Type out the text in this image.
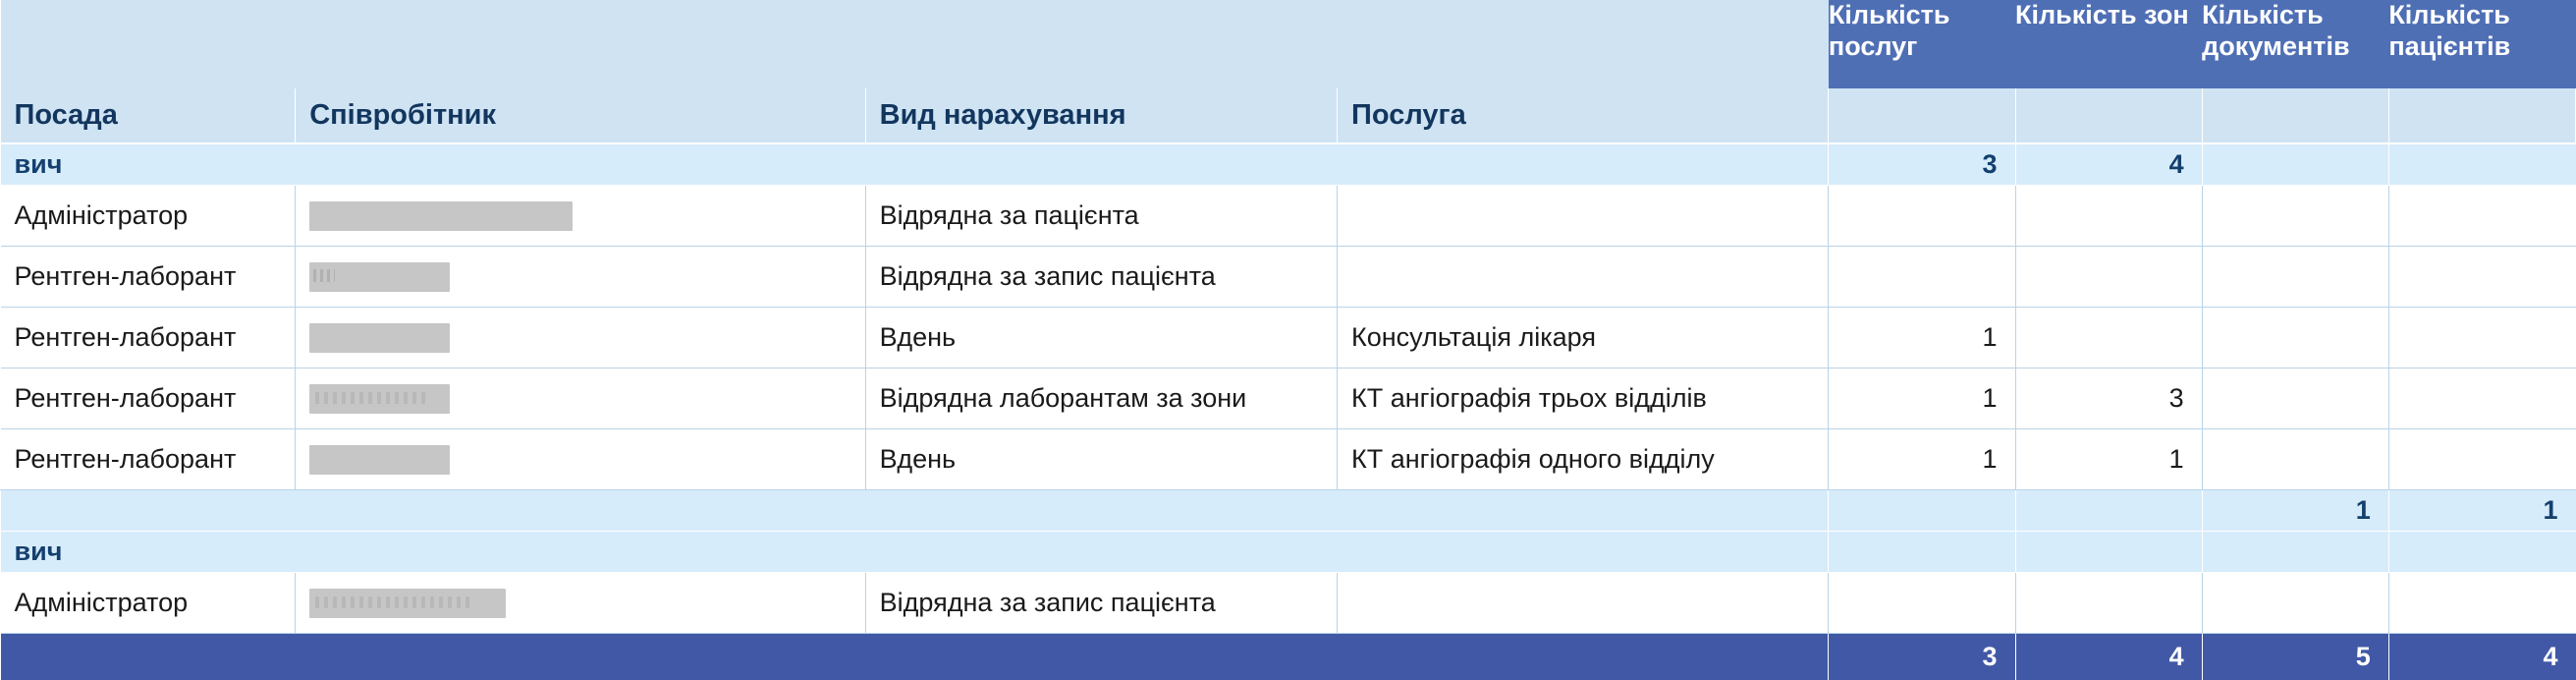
				Кількість послуг	Кількість зон	Кількість документів	Кількість пацієнтів
Посада	Співробітник	Вид нарахування	Послуга				
вич				3	4		
Адміністратор		Відрядна за пацієнта					
Рентген-лаборант		Відрядна за запис пацієнта					
Рентген-лаборант		Вдень	Консультація лікаря	1			
Рентген-лаборант		Відрядна лаборантам за зони	КТ ангіографія трьох відділів	1	3		
Рентген-лаборант		Вдень	КТ ангіографія одного відділу	1	1		
						1	1
вич							
Адміністратор		Відрядна за запис пацієнта					
				3	4	5	4
